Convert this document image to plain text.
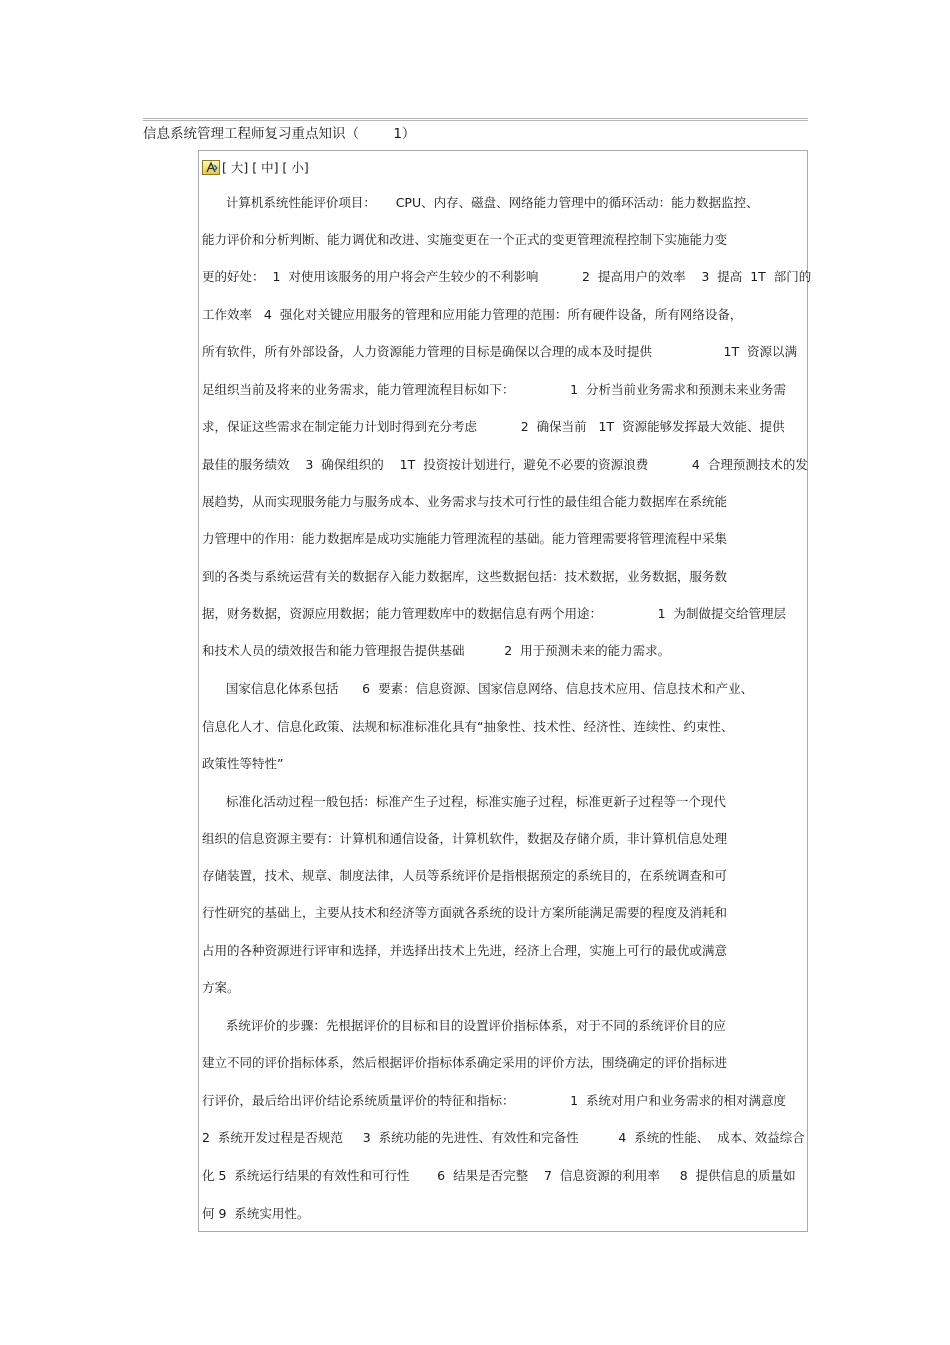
信息系统管理工程师复习重点知识（        1）

[ 大] [ 中] [ 小]

计算机系统性能评价项目：     CPU、内存、磁盘、网络能力管理中的循环活动：能力数据监控、

能力评价和分析判断、能力调优和改进、实施变更在一个正式的变更管理流程控制下实施能力变

更的好处：  1  对使用该服务的用户将会产生较少的不利影响           2  提高用户的效率    3  提高  1T  部门的

工作效率   4  强化对关键应用服务的管理和应用能力管理的范围：所有硬件设备，所有网络设备，

所有软件，所有外部设备，人力资源能力管理的目标是确保以合理的成本及时提供                  1T  资源以满

足组织当前及将来的业务需求，能力管理流程目标如下：              1  分析当前业务需求和预测未来业务需

求，保证这些需求在制定能力计划时得到充分考虑           2  确保当前   1T  资源能够发挥最大效能、提供

最佳的服务绩效    3  确保组织的    1T  投资按计划进行，避免不必要的资源浪费           4  合理预测技术的发

展趋势，从而实现服务能力与服务成本、业务需求与技术可行性的最佳组合能力数据库在系统能

力管理中的作用：能力数据库是成功实施能力管理流程的基础。能力管理需要将管理流程中采集

到的各类与系统运营有关的数据存入能力数据库，这些数据包括：技术数据，业务数据，服务数

据，财务数据，资源应用数据；能力管理数库中的数据信息有两个用途：              1  为制做提交给管理层

和技术人员的绩效报告和能力管理报告提供基础          2  用于预测未来的能力需求。

国家信息化体系包括      6  要素：信息资源、国家信息网络、信息技术应用、信息技术和产业、

信息化人才、信息化政策、法规和标准标准化具有“抽象性、技术性、经济性、连续性、约束性、

政策性等特性”

标准化活动过程一般包括：标准产生子过程，标准实施子过程，标准更新子过程等一个现代

组织的信息资源主要有：计算机和通信设备，计算机软件，数据及存储介质，非计算机信息处理

存储装置，技术、规章、制度法律，人员等系统评价是指根据预定的系统目的，在系统调查和可

行性研究的基础上，主要从技术和经济等方面就各系统的设计方案所能满足需要的程度及消耗和

占用的各种资源进行评审和选择，并选择出技术上先进，经济上合理，实施上可行的最优或满意

方案。

系统评价的步骤：先根据评价的目标和目的设置评价指标体系，对于不同的系统评价目的应

建立不同的评价指标体系，然后根据评价指标体系确定采用的评价方法，围绕确定的评价指标进

行评价，最后给出评价结论系统质量评价的特征和指标：              1  系统对用户和业务需求的相对满意度

2  系统开发过程是否规范     3  系统功能的先进性、有效性和完备性          4  系统的性能、  成本、效益综合

化 5  系统运行结果的有效性和可行性       6  结果是否完整    7  信息资源的利用率     8  提供信息的质量如

何 9  系统实用性。
